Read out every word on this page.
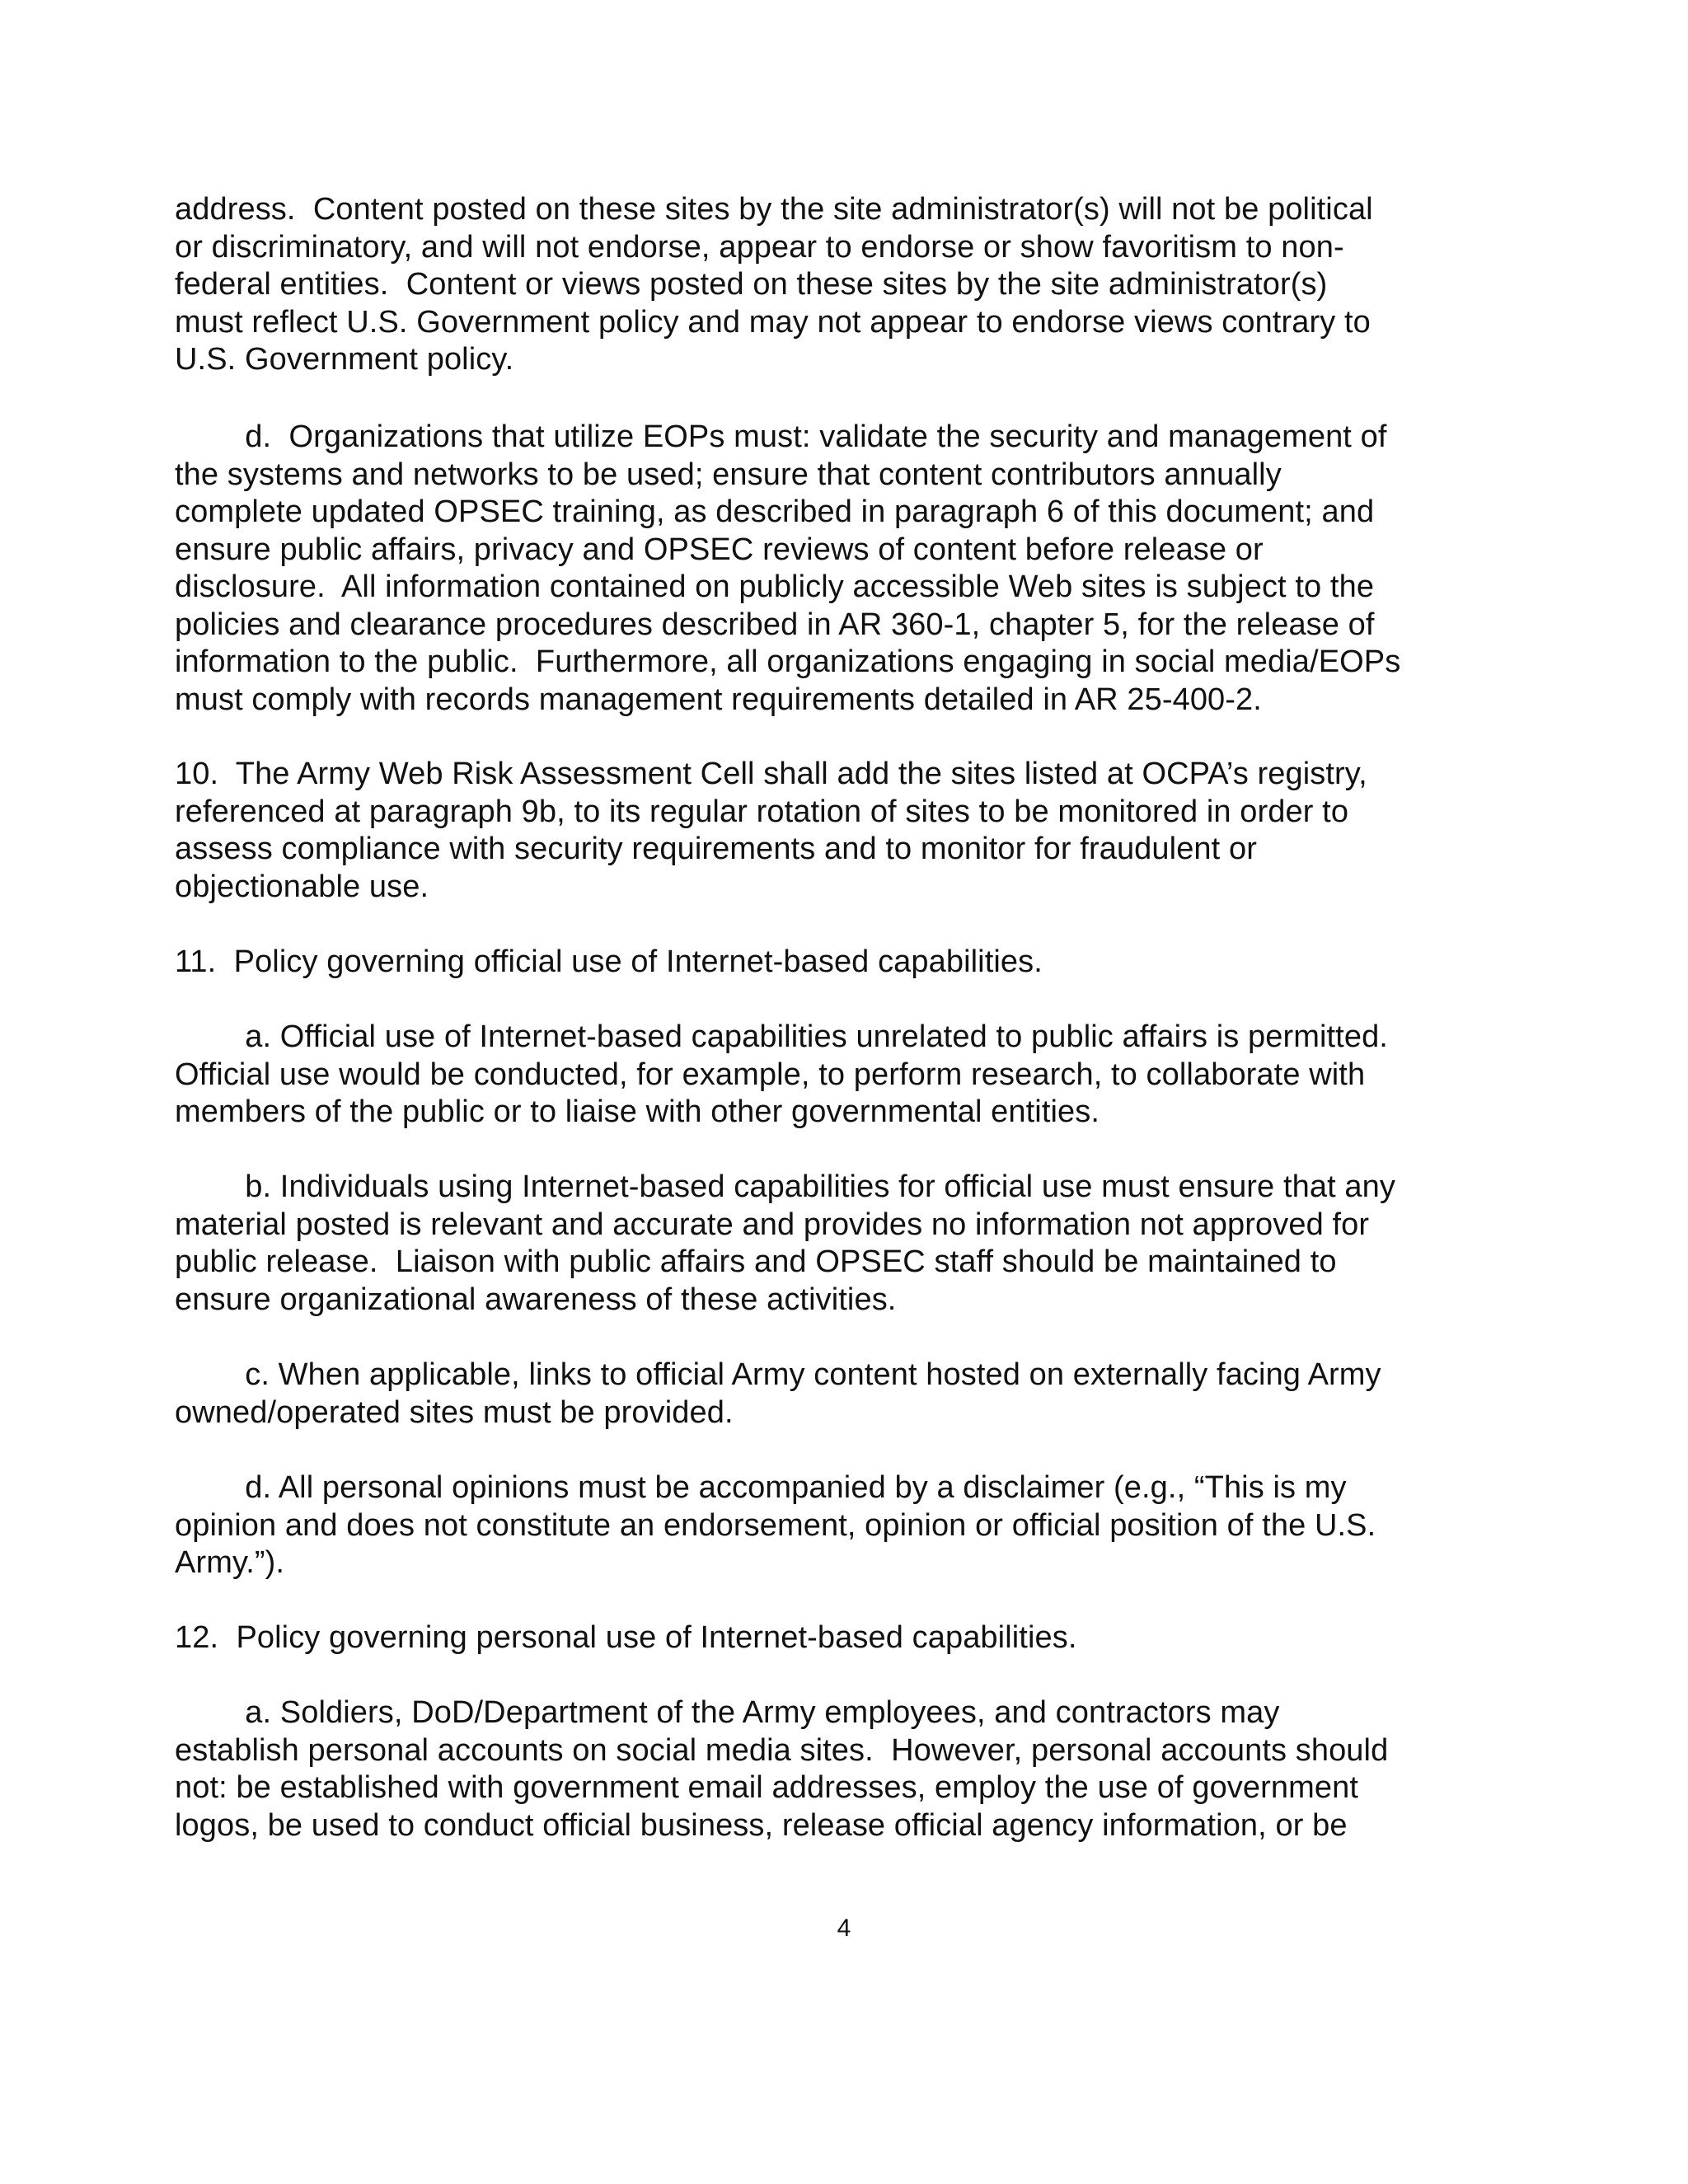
address.  Content posted on these sites by the site administrator(s) will not be political
or discriminatory, and will not endorse, appear to endorse or show favoritism to non-
federal entities.  Content or views posted on these sites by the site administrator(s)
must reflect U.S. Government policy and may not appear to endorse views contrary to
U.S. Government policy.
d.  Organizations that utilize EOPs must: validate the security and management of
the systems and networks to be used; ensure that content contributors annually
complete updated OPSEC training, as described in paragraph 6 of this document; and
ensure public affairs, privacy and OPSEC reviews of content before release or
disclosure.  All information contained on publicly accessible Web sites is subject to the
policies and clearance procedures described in AR 360-1, chapter 5, for the release of
information to the public.  Furthermore, all organizations engaging in social media/EOPs
must comply with records management requirements detailed in AR 25-400-2.
10.  The Army Web Risk Assessment Cell shall add the sites listed at OCPA’s registry,
referenced at paragraph 9b, to its regular rotation of sites to be monitored in order to
assess compliance with security requirements and to monitor for fraudulent or
objectionable use.
11.  Policy governing official use of Internet-based capabilities.
a. Official use of Internet-based capabilities unrelated to public affairs is permitted.
Official use would be conducted, for example, to perform research, to collaborate with
members of the public or to liaise with other governmental entities.
b. Individuals using Internet-based capabilities for official use must ensure that any
material posted is relevant and accurate and provides no information not approved for
public release.  Liaison with public affairs and OPSEC staff should be maintained to
ensure organizational awareness of these activities.
c. When applicable, links to official Army content hosted on externally facing Army
owned/operated sites must be provided.
d. All personal opinions must be accompanied by a disclaimer (e.g., “This is my
opinion and does not constitute an endorsement, opinion or official position of the U.S.
Army.”).
12.  Policy governing personal use of Internet-based capabilities.
a. Soldiers, DoD/Department of the Army employees, and contractors may
establish personal accounts on social media sites.  However, personal accounts should
not: be established with government email addresses, employ the use of government
logos, be used to conduct official business, release official agency information, or be
4
